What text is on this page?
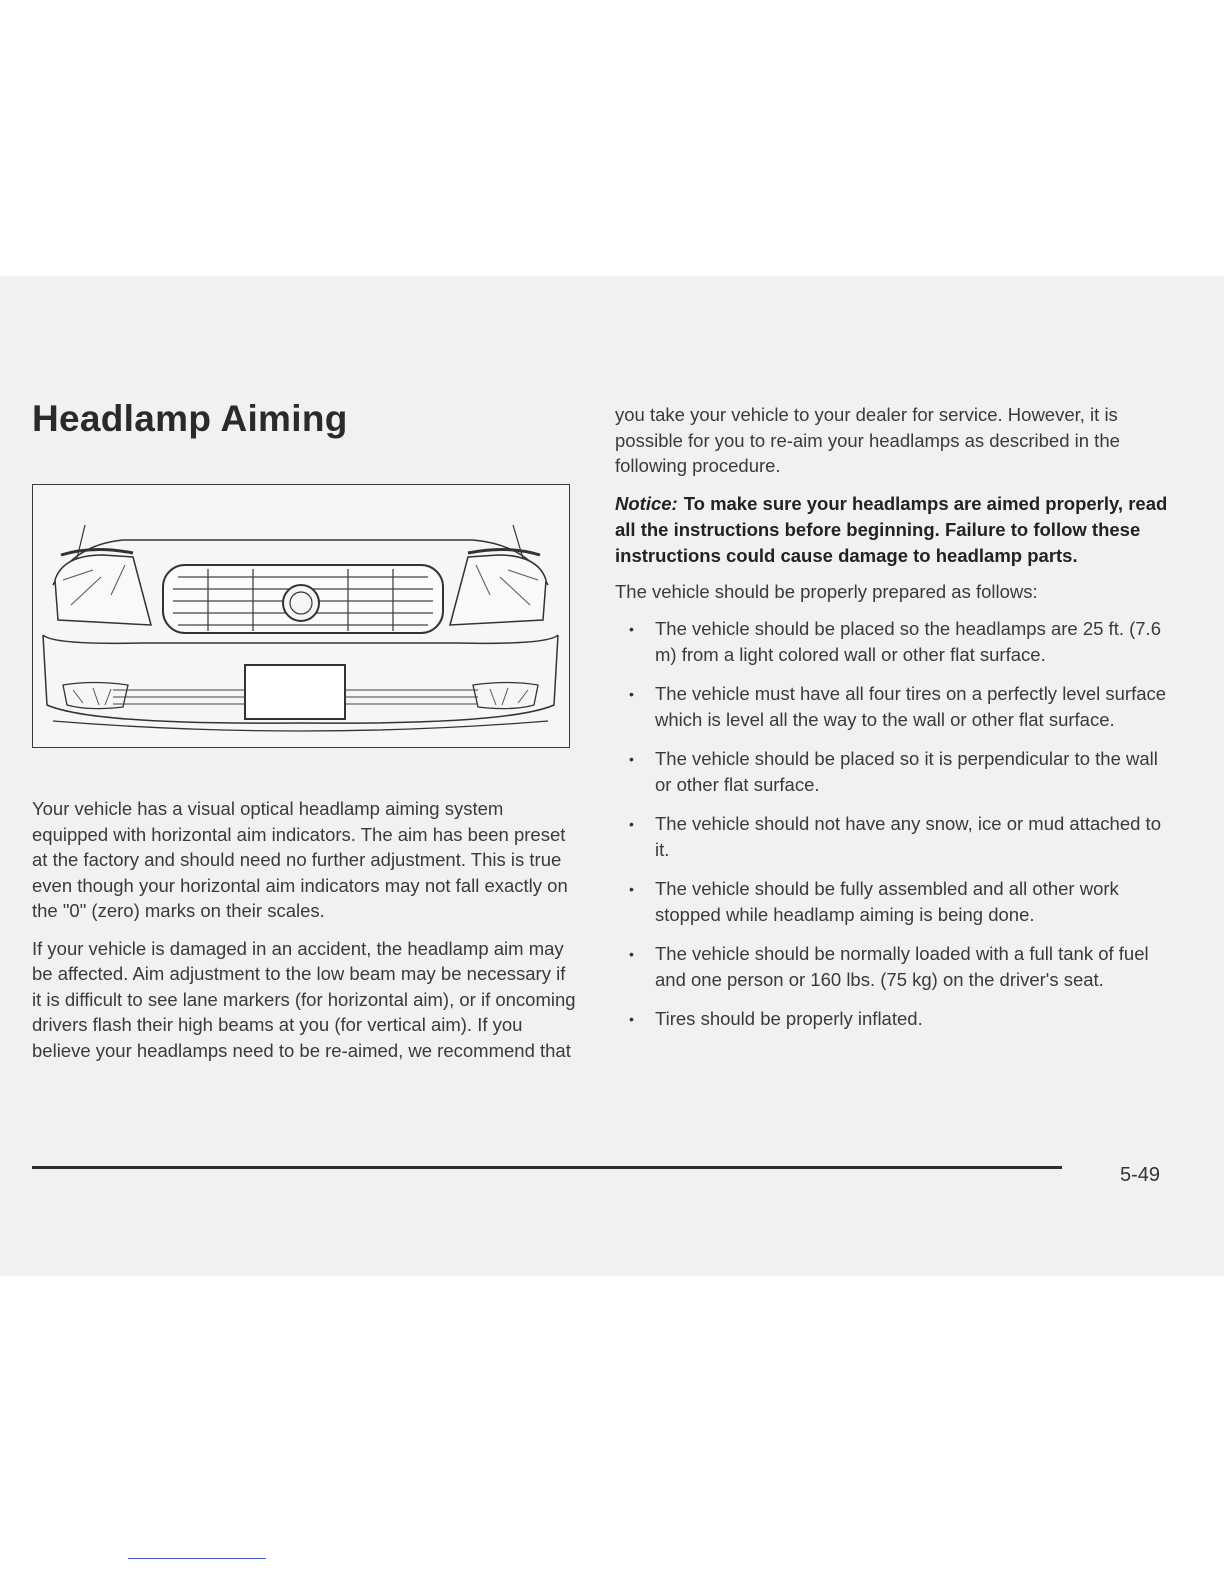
Headlamp Aiming

Your vehicle has a visual optical headlamp aiming system equipped with horizontal aim indicators. The aim has been preset at the factory and should need no further adjustment. This is true even though your horizontal aim indicators may not fall exactly on the "0" (zero) marks on their scales.

If your vehicle is damaged in an accident, the headlamp aim may be affected. Aim adjustment to the low beam may be necessary if it is difficult to see lane markers (for horizontal aim), or if oncoming drivers flash their high beams at you (for vertical aim). If you believe your headlamps need to be re-aimed, we recommend that

you take your vehicle to your dealer for service. However, it is possible for you to re-aim your headlamps as described in the following procedure.

Notice: To make sure your headlamps are aimed properly, read all the instructions before beginning. Failure to follow these instructions could cause damage to headlamp parts.

The vehicle should be properly prepared as follows:

• The vehicle should be placed so the headlamps are 25 ft. (7.6 m) from a light colored wall or other flat surface.
• The vehicle must have all four tires on a perfectly level surface which is level all the way to the wall or other flat surface.
• The vehicle should be placed so it is perpendicular to the wall or other flat surface.
• The vehicle should not have any snow, ice or mud attached to it.
• The vehicle should be fully assembled and all other work stopped while headlamp aiming is being done.
• The vehicle should be normally loaded with a full tank of fuel and one person or 160 lbs. (75 kg) on the driver's seat.
• Tires should be properly inflated.
5-49
